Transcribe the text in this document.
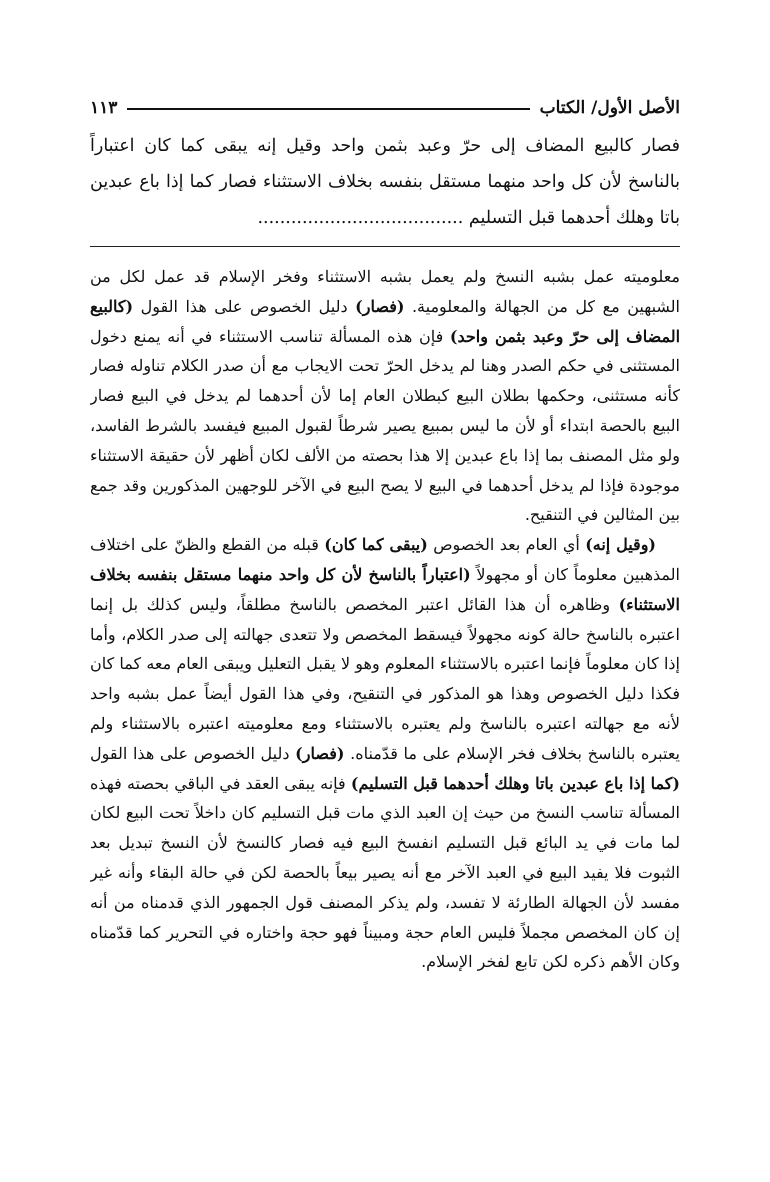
الأصل الأول/ الكتاب
١١٣
فصار كالبيع المضاف إلى حرّ وعبد بثمن واحد وقيل إنه يبقى كما كان اعتباراً بالناسخ لأن كل واحد منهما مستقل بنفسه بخلاف الاستثناء فصار كما إذا باع عبدين باتا وهلك أحدهما قبل التسليم .....................................

معلوميته عمل بشبه النسخ ولم يعمل بشبه الاستثناء وفخر الإسلام قد عمل لكل من الشبهين مع كل من الجهالة والمعلومية. (فصار) دليل الخصوص على هذا القول (كالبيع المضاف إلى حرّ وعبد بثمن واحد) فإن هذه المسألة تناسب الاستثناء في أنه يمنع دخول المستثنى في حكم الصدر وهنا لم يدخل الحرّ تحت الايجاب مع أن صدر الكلام تناوله فصار كأنه مستثنى، وحكمها بطلان البيع كبطلان العام إما لأن أحدهما لم يدخل في البيع فصار البيع بالحصة ابتداء أو لأن ما ليس بمبيع يصير شرطاً لقبول المبيع فيفسد بالشرط الفاسد، ولو مثل المصنف بما إذا باع عبدين إلا هذا بحصته من الألف لكان أظهر لأن حقيقة الاستثناء موجودة فإذا لم يدخل أحدهما في البيع لا يصح البيع في الآخر للوجهين المذكورين وقد جمع بين المثالين في التنقيح.

(وقيل إنه) أي العام بعد الخصوص (يبقى كما كان) قبله من القطع والظنّ على اختلاف المذهبين معلوماً كان أو مجهولاً (اعتباراً بالناسخ لأن كل واحد منهما مستقل بنفسه بخلاف الاستثناء) وظاهره أن هذا القائل اعتبر المخصص بالناسخ مطلقاً، وليس كذلك بل إنما اعتبره بالناسخ حالة كونه مجهولاً فيسقط المخصص ولا تتعدى جهالته إلى صدر الكلام، وأما إذا كان معلوماً فإنما اعتبره بالاستثناء المعلوم وهو لا يقبل التعليل ويبقى العام معه كما كان فكذا دليل الخصوص وهذا هو المذكور في التنقيح، وفي هذا القول أيضاً عمل بشبه واحد لأنه مع جهالته اعتبره بالناسخ ولم يعتبره بالاستثناء ومع معلوميته اعتبره بالاستثناء ولم يعتبره بالناسخ بخلاف فخر الإسلام على ما قدّمناه. (فصار) دليل الخصوص على هذا القول (كما إذا باع عبدين باتا وهلك أحدهما قبل التسليم) فإنه يبقى العقد في الباقي بحصته فهذه المسألة تناسب النسخ من حيث إن العبد الذي مات قبل التسليم كان داخلاً تحت البيع لكان لما مات في يد البائع قبل التسليم انفسخ البيع فيه فصار كالنسخ لأن النسخ تبديل بعد الثبوت فلا يفيد البيع في العبد الآخر مع أنه يصير بيعاً بالحصة لكن في حالة البقاء وأنه غير مفسد لأن الجهالة الطارئة لا تفسد، ولم يذكر المصنف قول الجمهور الذي قدمناه من أنه إن كان المخصص مجملاً فليس العام حجة ومبيناً فهو حجة واختاره في التحرير كما قدّمناه وكان الأهم ذكره لكن تابع لفخر الإسلام.
